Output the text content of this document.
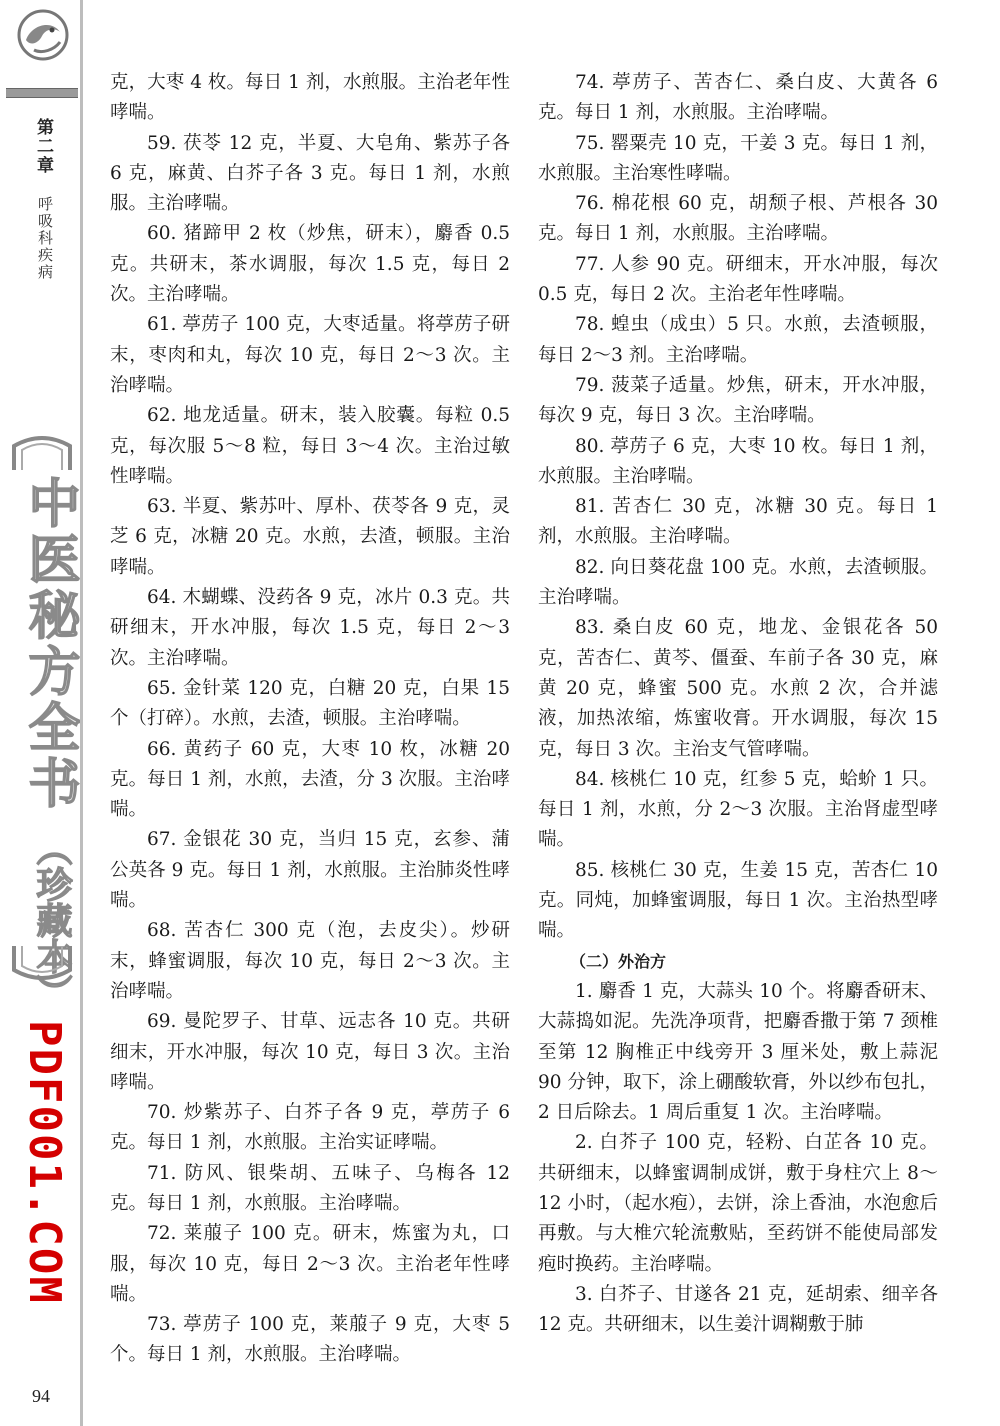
第二章
呼吸科疾病
中医秘方全书
（珍藏本）
PDF001.COM
94

克，大枣 4 枚。每日 1 剂，水煎服。主治老年性哮喘。

59. 茯苓 12 克，半夏、大皂角、紫苏子各 6 克，麻黄、白芥子各 3 克。每日 1 剂，水煎服。主治哮喘。

60. 猪蹄甲 2 枚（炒焦，研末），麝香 0.5 克。共研末，茶水调服，每次 1.5 克，每日 2 次。主治哮喘。

61. 葶苈子 100 克，大枣适量。将葶苈子研末，枣肉和丸，每次 10 克，每日 2～3 次。主治哮喘。

62. 地龙适量。研末，装入胶囊。每粒 0.5 克，每次服 5～8 粒，每日 3～4 次。主治过敏性哮喘。

63. 半夏、紫苏叶、厚朴、茯苓各 9 克，灵芝 6 克，冰糖 20 克。水煎，去渣，顿服。主治哮喘。

64. 木蝴蝶、没药各 9 克，冰片 0.3 克。共研细末，开水冲服，每次 1.5 克，每日 2～3 次。主治哮喘。

65. 金针菜 120 克，白糖 20 克，白果 15 个（打碎）。水煎，去渣，顿服。主治哮喘。

66. 黄药子 60 克，大枣 10 枚，冰糖 20 克。每日 1 剂，水煎，去渣，分 3 次服。主治哮喘。

67. 金银花 30 克，当归 15 克，玄参、蒲公英各 9 克。每日 1 剂，水煎服。主治肺炎性哮喘。

68. 苦杏仁 300 克（泡，去皮尖）。炒研末，蜂蜜调服，每次 10 克，每日 2～3 次。主治哮喘。

69. 曼陀罗子、甘草、远志各 10 克。共研细末，开水冲服，每次 10 克，每日 3 次。主治哮喘。

70. 炒紫苏子、白芥子各 9 克，葶苈子 6 克。每日 1 剂，水煎服。主治实证哮喘。

71. 防风、银柴胡、五味子、乌梅各 12 克。每日 1 剂，水煎服。主治哮喘。

72. 莱菔子 100 克。研末，炼蜜为丸，口服，每次 10 克，每日 2～3 次。主治老年性哮喘。

73. 葶苈子 100 克，莱菔子 9 克，大枣 5 个。每日 1 剂，水煎服。主治哮喘。

74. 葶苈子、苦杏仁、桑白皮、大黄各 6 克。每日 1 剂，水煎服。主治哮喘。

75. 罂粟壳 10 克，干姜 3 克。每日 1 剂，水煎服。主治寒性哮喘。

76. 棉花根 60 克，胡颓子根、芦根各 30 克。每日 1 剂，水煎服。主治哮喘。

77. 人参 90 克。研细末，开水冲服，每次 0.5 克，每日 2 次。主治老年性哮喘。

78. 蝗虫（成虫）5 只。水煎，去渣顿服，每日 2～3 剂。主治哮喘。

79. 菠菜子适量。炒焦，研末，开水冲服，每次 9 克，每日 3 次。主治哮喘。

80. 葶苈子 6 克，大枣 10 枚。每日 1 剂，水煎服。主治哮喘。

81. 苦杏仁 30 克，冰糖 30 克。每日 1 剂，水煎服。主治哮喘。

82. 向日葵花盘 100 克。水煎，去渣顿服。主治哮喘。

83. 桑白皮 60 克，地龙、金银花各 50 克，苦杏仁、黄芩、僵蚕、车前子各 30 克，麻黄 20 克，蜂蜜 500 克。水煎 2 次，合并滤液，加热浓缩，炼蜜收膏。开水调服，每次 15 克，每日 3 次。主治支气管哮喘。

84. 核桃仁 10 克，红参 5 克，蛤蚧 1 只。每日 1 剂，水煎，分 2～3 次服。主治肾虚型哮喘。

85. 核桃仁 30 克，生姜 15 克，苦杏仁 10 克。同炖，加蜂蜜调服，每日 1 次。主治热型哮喘。

（二）外治方

1. 麝香 1 克，大蒜头 10 个。将麝香研末、大蒜捣如泥。先洗净项背，把麝香撒于第 7 颈椎至第 12 胸椎正中线旁开 3 厘米处，敷上蒜泥 90 分钟，取下，涂上硼酸软膏，外以纱布包扎，2 日后除去。1 周后重复 1 次。主治哮喘。

2. 白芥子 100 克，轻粉、白芷各 10 克。共研细末，以蜂蜜调制成饼，敷于身柱穴上 8～12 小时，（起水疱），去饼，涂上香油，水泡愈后再敷。与大椎穴轮流敷贴，至药饼不能使局部发疱时换药。主治哮喘。

3. 白芥子、甘遂各 21 克，延胡索、细辛各 12 克。共研细末，以生姜汁调糊敷于肺
